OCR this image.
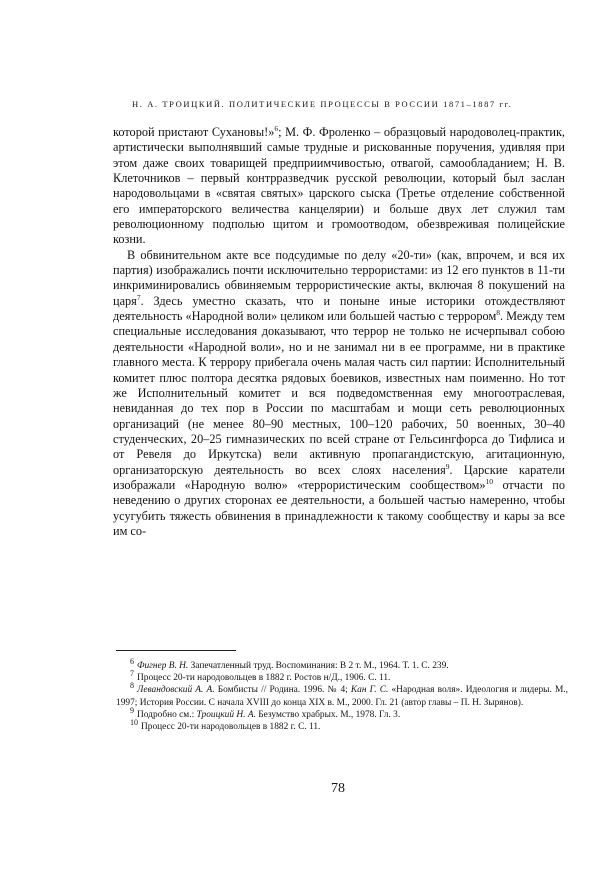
Н. А. ТРОИЦКИЙ. ПОЛИТИЧЕСКИЕ ПРОЦЕССЫ В РОССИИ 1871–1887 гг.

которой пристают Сухановы!»$^6$; М. Ф. Фроленко – образцовый народоволец-практик, артистически выполнявший самые трудные и рискованные поручения, удивляя при этом даже своих товарищей предприимчивостью, отвагой, самообладанием; Н. В. Клеточников – первый контрразведчик русской революции, который был заслан народовольцами в «святая святых» царского сыска (Третье отделение собственной его императорского величества канцелярии) и больше двух лет служил там революционному подполью щитом и громоотводом, обезвреживая полицейские козни.

В обвинительном акте все подсудимые по делу «20-ти» (как, впрочем, и вся их партия) изображались почти исключительно террористами: из 12 его пунктов в 11-ти инкриминировались обвиняемым террористические акты, включая 8 покушений на царя$^7$. Здесь уместно сказать, что и поныне иные историки отождествляют деятельность «Народной воли» целиком или большей частью с террором$^8$. Между тем специальные исследования доказывают, что террор не только не исчерпывал собою деятельности «Народной воли», но и не занимал ни в ее программе, ни в практике главного места. К террору прибегала очень малая часть сил партии: Исполнительный комитет плюс полтора десятка рядовых боевиков, известных нам поименно. Но тот же Исполнительный комитет и вся подведомственная ему многоотраслевая, невиданная до тех пор в России по масштабам и мощи сеть революционных организаций (не менее 80–90 местных, 100–120 рабочих, 50 военных, 30–40 студенческих, 20–25 гимназических по всей стране от Гельсингфорса до Тифлиса и от Ревеля до Иркутска) вели активную пропагандистскую, агитационную, организаторскую деятельность во всех слоях населения$^9$. Царские каратели изображали «Народную волю» «террористическим сообществом»$^{10}$ отчасти по неведению о других сторонах ее деятельности, а большей частью намеренно, чтобы усугубить тяжесть обвинения в принадлежности к такому сообществу и кары за все им со-

6 Фигнер В. Н. Запечатленный труд. Воспоминания: В 2 т. М., 1964. Т. 1. С. 239.

7 Процесс 20-ти народовольцев в 1882 г. Ростов н/Д., 1906. С. 11.

8 Левандовский А. А. Бомбисты // Родина. 1996. № 4; Кан Г. С. «Народная воля». Идеология и лидеры. М., 1997; История России. С начала XVIII до конца XIX в. М., 2000. Гл. 21 (автор главы – П. Н. Зырянов).

9 Подробно см.: Троицкий Н. А. Безумство храбрых. М., 1978. Гл. 3.

10 Процесс 20-ти народовольцев в 1882 г. С. 11.

78
